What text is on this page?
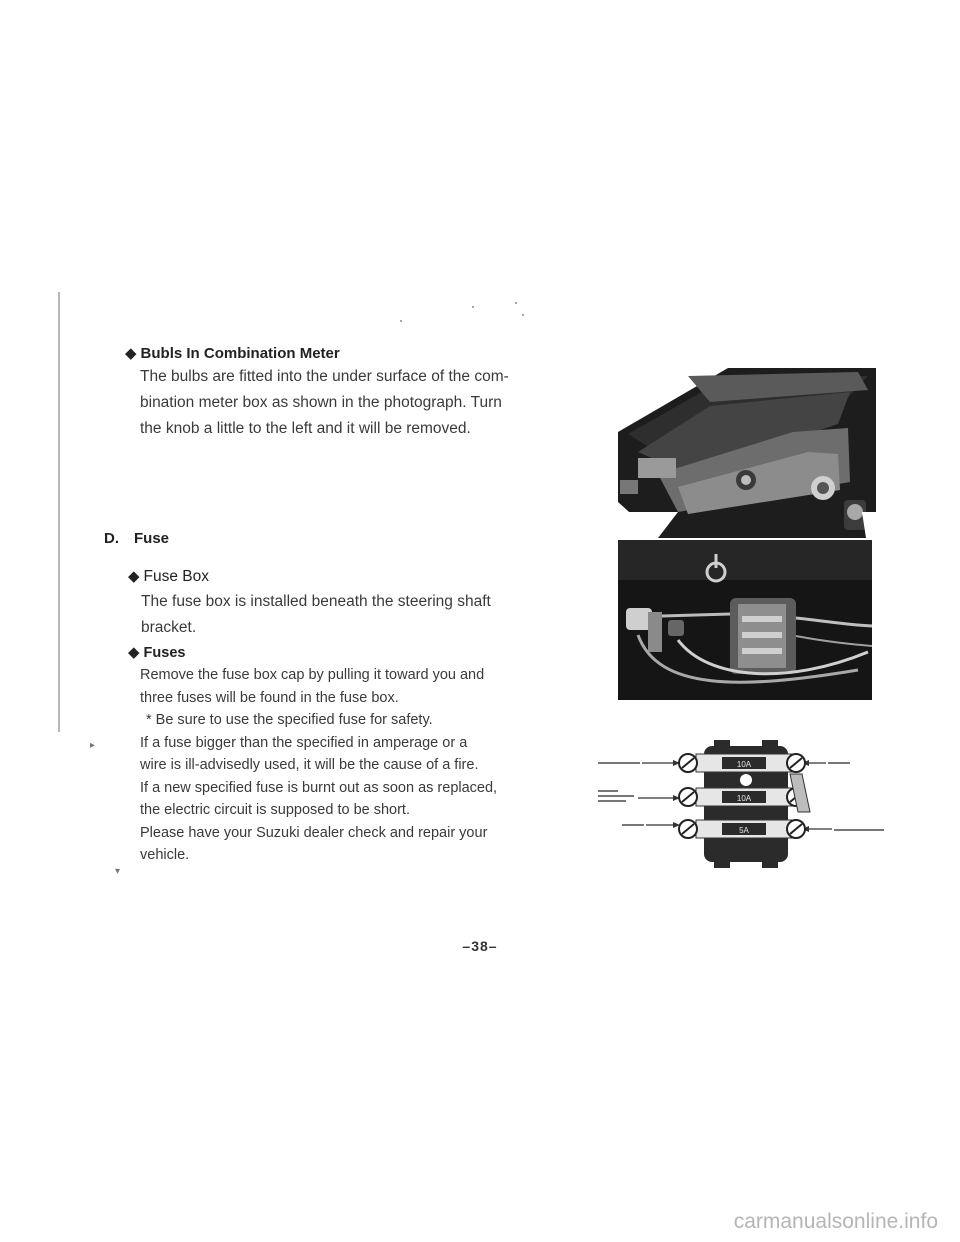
◆ Bubls In Combination Meter

The bulbs are fitted into the under surface of the com-

bination meter box as shown in the photograph. Turn

the knob a little to the left and it will be removed.

D. Fuse
◆ Fuse Box

The fuse box is installed beneath the steering shaft

bracket.

◆ Fuses

Remove the fuse box cap by pulling it toward you and

three fuses will be found in the fuse box.

* Be sure to use the specified fuse for safety.

If a fuse bigger than the specified in amperage or a

wire is ill-advisedly used, it will be the cause of a fire.

If a new specified fuse is burnt out as soon as replaced,

the electric circuit is supposed to be short.

Please have your Suzuki dealer check and repair your

vehicle.

▸
▾
10A
10A
5A
–38–
carmanualsonline.info
